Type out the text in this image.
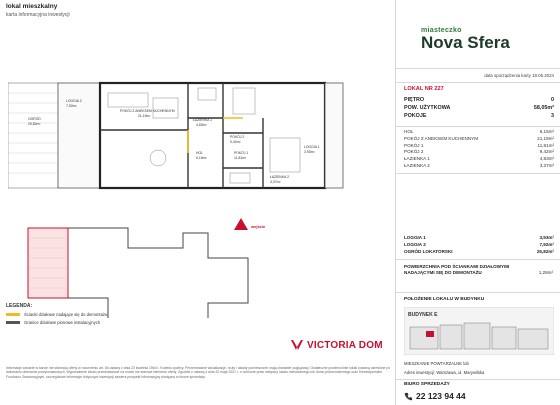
lokal mieszkalny
karta informacyjna inwestycji
OGRÓD
25,82m²
LOGGIA 2
7,92m²
POKÓJ Z ANEKSEM KUCHENNYM
21,19m²
ŁAZIENKA 1
4,83m²
POKÓJ 2
9,42m²
LOGGIA 1
3,93m²
HOL
6,15m²
POKÓJ 1
11,81m²
ŁAZIENKA 2
3,37m²
wejście
LEGENDA:
Ścianki działowe nadające się do demontażu
Granice działowe pionowe instalacyjnych
VICTORIA DOM
Informacje zawarte w karcie nie stanowią oferty w rozumieniu art. 66 ustawy z dnia 23 kwietnia 1964 r. Kodeks cywilny. Prezentowane wizualizacje, rzuty i układy pomieszczeń mają charakter poglądowy. Ostateczne powierzchnie lokali zostaną określone po dokonaniu obmiarów powykonawczych. Wyposażenie lokalu przedstawione na rzucie nie stanowi elementu oferty. Zgodnie z ustawą z dnia 20 maja 2021 r. o ochronie praw nabywcy lokalu mieszkalnego lub domu jednorodzinnego oraz Deweloperskim Funduszu Gwarancyjnym, szczegółowe informacje dotyczące inwestycji zawiera prospekt informacyjny dostępny w biurze sprzedaży.
miasteczko
Nova Sfera
data sporządzenia karty 18.05.2024
LOKAL NR 227
PIĘTRO	0
POW. UŻYTKOWA	58,05m²
POKOJE	3
HOL	6,15m²
POKÓJ Z ANEKSEM KUCHENNYM	21,19m²
POKÓJ 1	11,81m²
POKÓJ 2	9,42m²
ŁAZIENKA 1	4,83m²
ŁAZIENKA 2	3,37m²
LOGGIA 1	3,93m²
LOGGIA 2	7,92m²
OGRÓD LOKATORSKI	25,82m²
POWIERZCHNIA POD ŚCIANKAMI DZIAŁOWYMI NADAJĄCYMI SIĘ DO DEMONTAŻU	1,28m²
POŁOŻENIE LOKALU W BUDYNKU
BUDYNEK E
MIESZKANIE POWTARZALNE lub
Adres inwestycji: Warszawa, ul. Marywilska
BIURO SPRZEDAŻY
22 123 94 44
